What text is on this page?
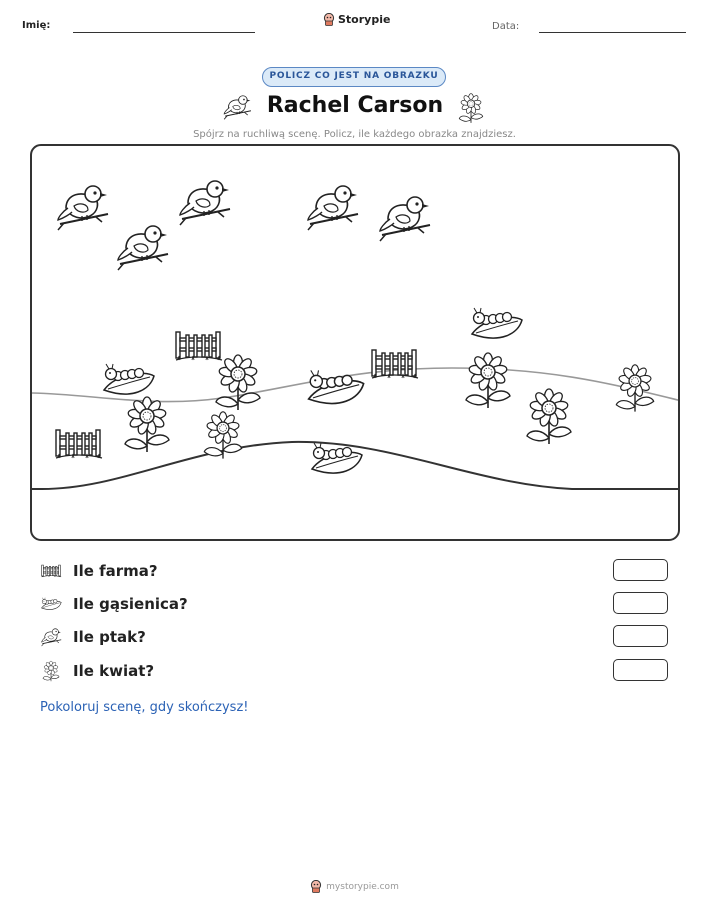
Imię:	Storypie
Data:
POLICZ CO JEST NA OBRAZKU
Rachel Carson
Spójrz na ruchliwą scenę. Policz, ile każdego obrazka znajdziesz.
Ile farma?
Ile gąsienica?
Ile ptak?
Ile kwiat?
Pokoloruj scenę, gdy skończysz!
mystorypie.com
